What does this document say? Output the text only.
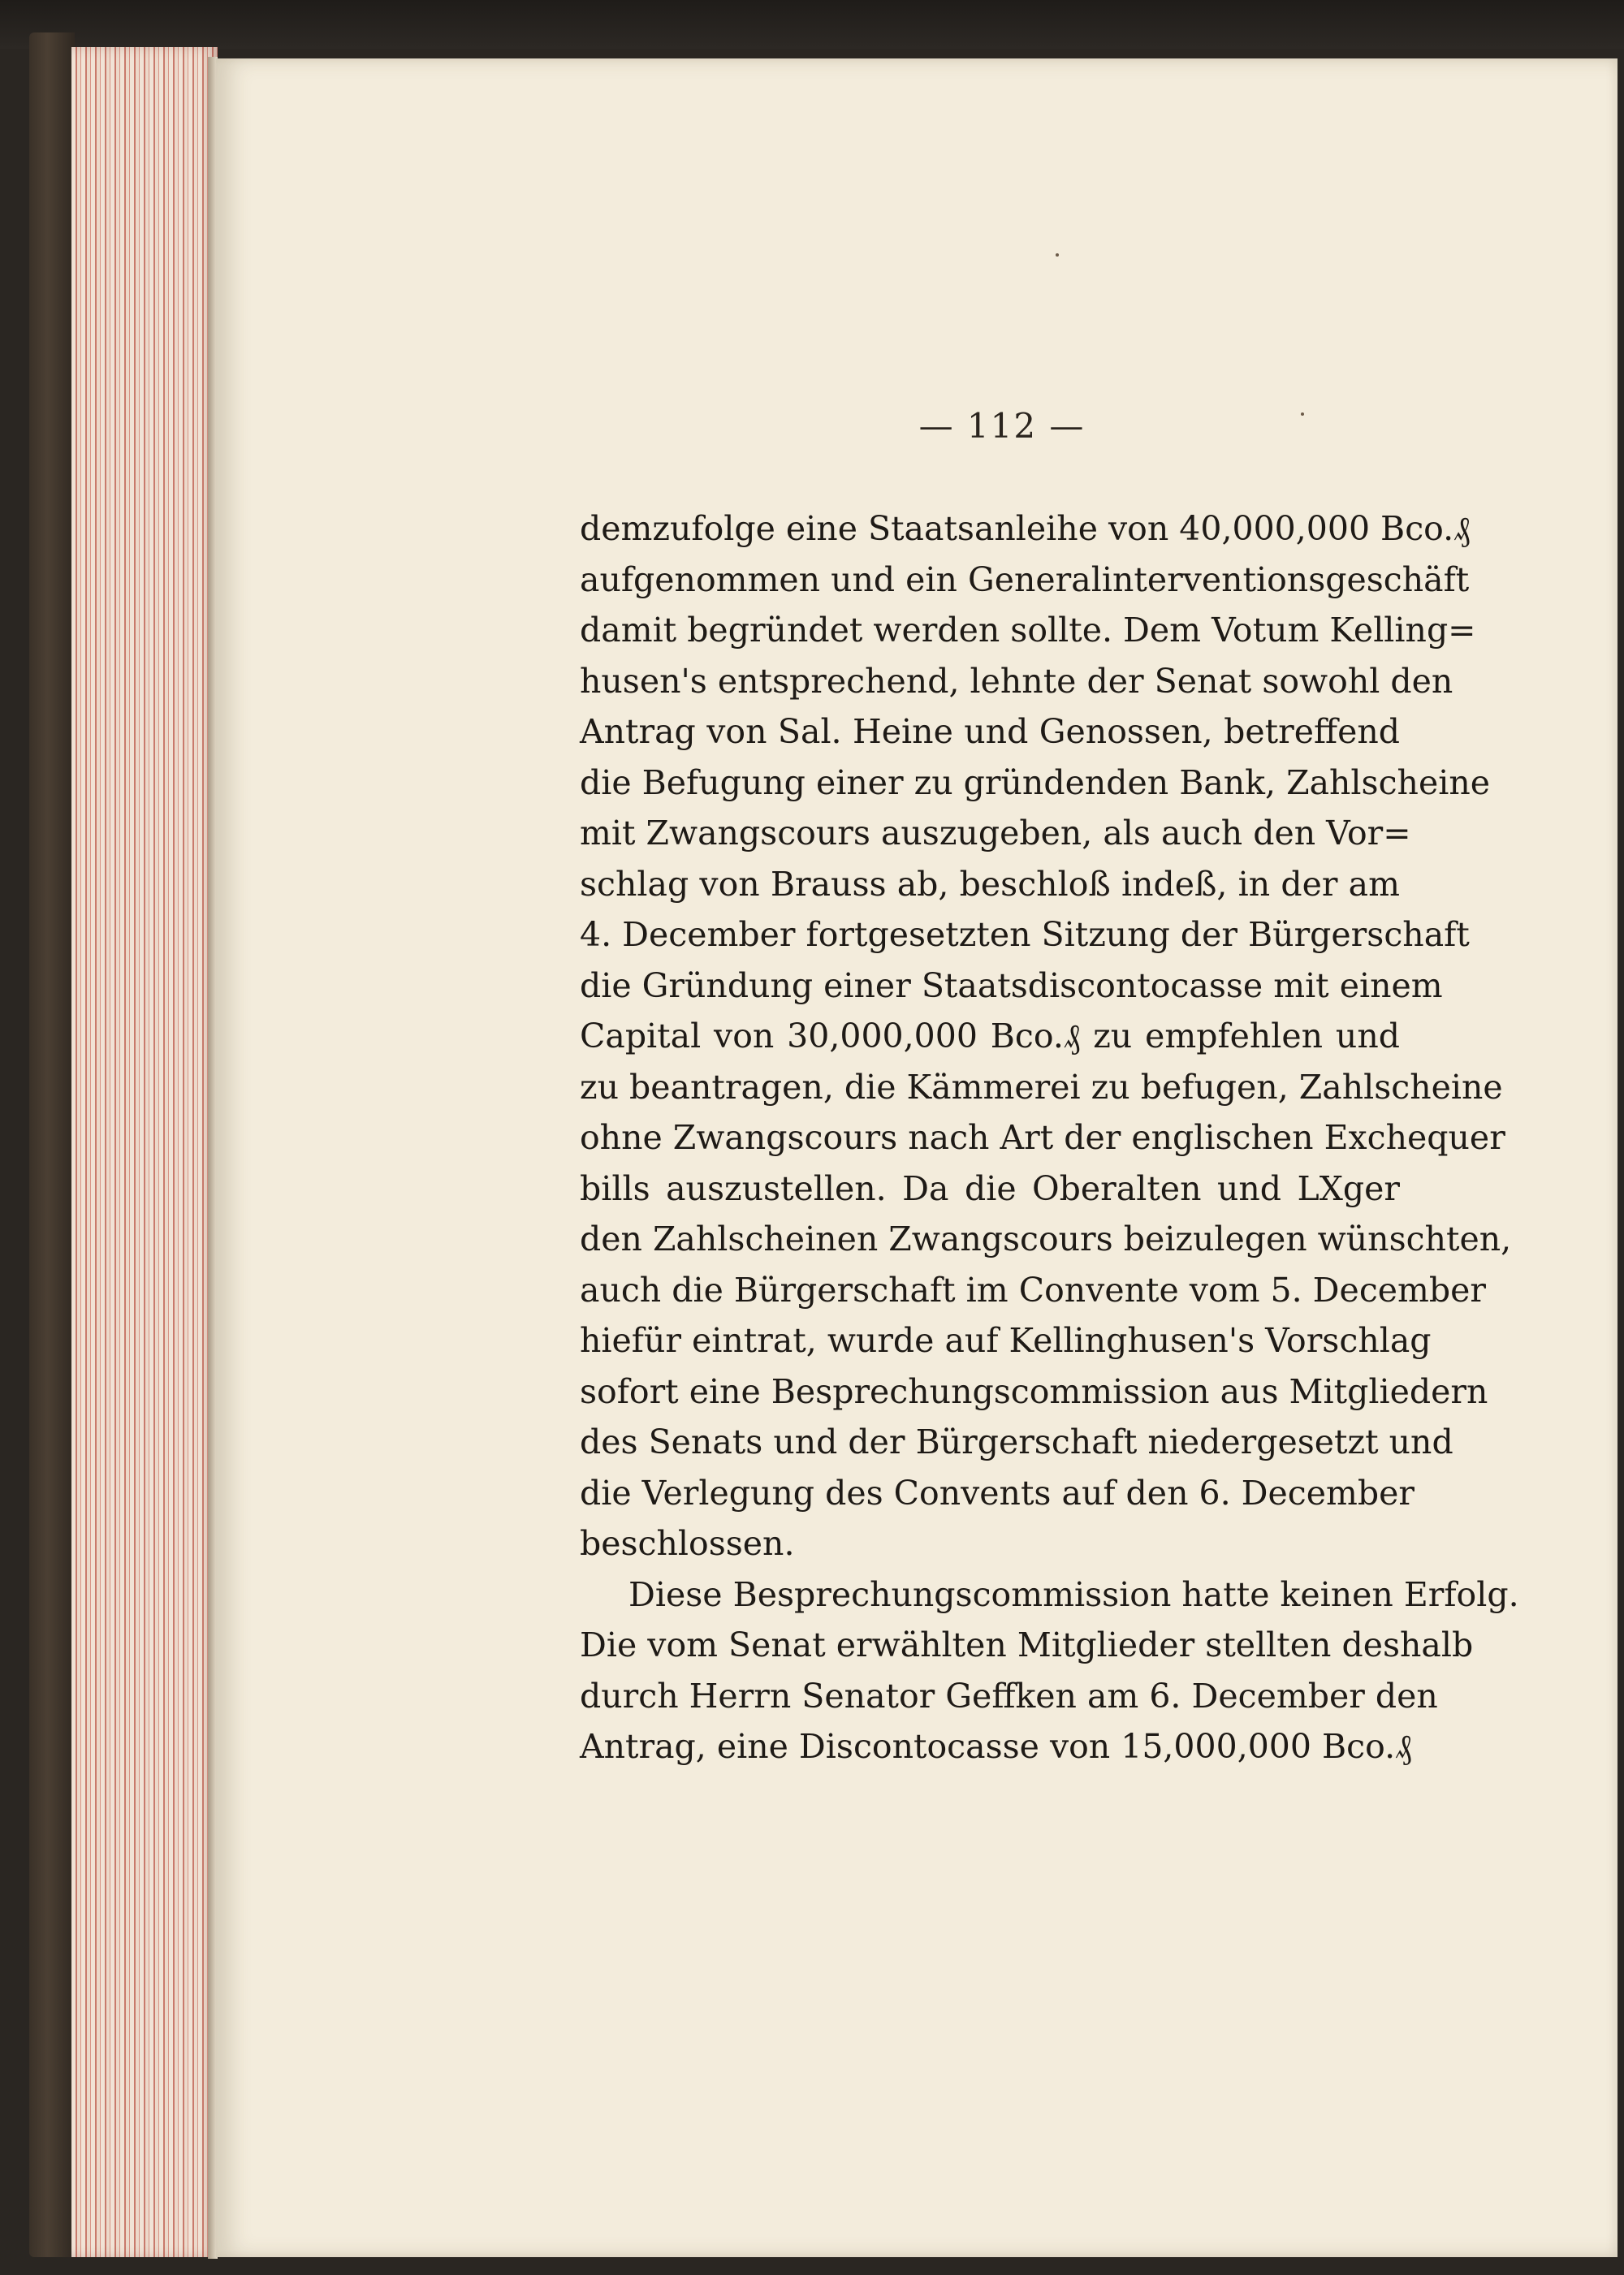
— 112 —
demzufolge eine Staatsanleihe von 40,000,000 Bco.₰
aufgenommen und ein Generalinterventionsgeschäft
damit begründet werden sollte. Dem Votum Kelling=
husen's entsprechend, lehnte der Senat sowohl den
Antrag von Sal. Heine und Genossen, betreffend
die Befugung einer zu gründenden Bank, Zahlscheine
mit Zwangscours auszugeben, als auch den Vor=
schlag von Brauss ab, beschloß indeß, in der am
4. December fortgesetzten Sitzung der Bürgerschaft
die Gründung einer Staatsdiscontocasse mit einem
Capital von 30,000,000 Bco.₰ zu empfehlen und
zu beantragen, die Kämmerei zu befugen, Zahlscheine
ohne Zwangscours nach Art der englischen Exchequer
bills auszustellen. Da die Oberalten und LXger
den Zahlscheinen Zwangscours beizulegen wünschten,
auch die Bürgerschaft im Convente vom 5. December
hiefür eintrat, wurde auf Kellinghusen's Vorschlag
sofort eine Besprechungscommission aus Mitgliedern
des Senats und der Bürgerschaft niedergesetzt und
die Verlegung des Convents auf den 6. December
beschlossen.
Diese Besprechungscommission hatte keinen Erfolg.
Die vom Senat erwählten Mitglieder stellten deshalb
durch Herrn Senator Geffken am 6. December den
Antrag, eine Discontocasse von 15,000,000 Bco.₰
